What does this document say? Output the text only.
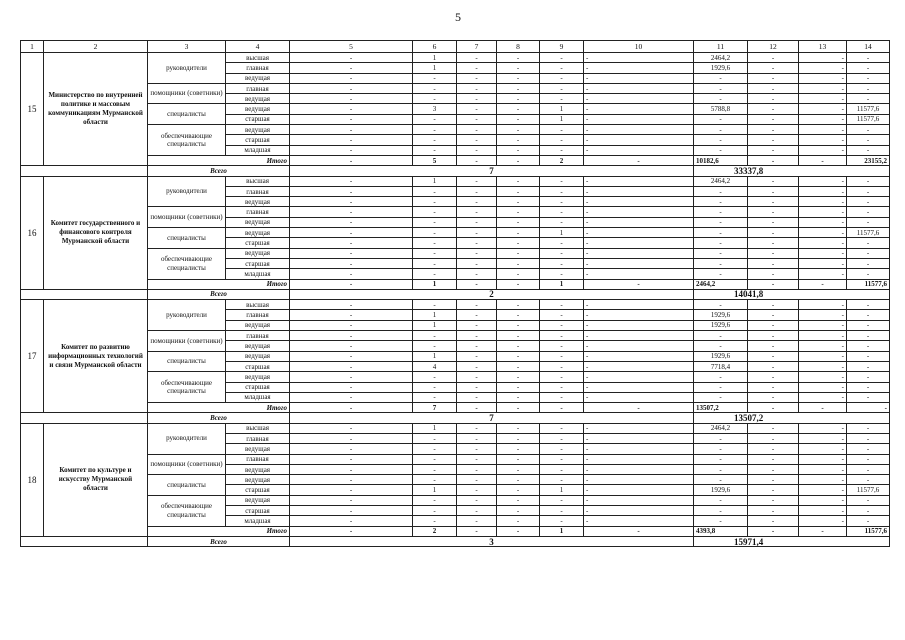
5
1	2	3	4	5	6	7	8	9	10	11	12	13	14
15	Министерство по внутренней политике и массовым коммуникациям Мурманской области	руководители	высшая	-	1	-	-	-	-	2464,2	-	-	-
			главная	-	1	-	-	-	-	1929,6	-	-	-
			ведущая	-	-	-	-	-	-	-	-	-	-
		помощники (советники)	главная	-	-	-	-	-	-	-	-	-	-
			ведущая	-	-	-	-	-	-	-	-	-	-
		специалисты	ведущая	-	3	-	-	1	-	5788,8	-	-	11577,6
			старшая	-	-	-	-	1	-	-	-	-	11577,6
		обеспечивающие специалисты	ведущая	-	-	-	-	-	-	-	-	-	-
			старшая	-	-	-	-	-	-	-	-	-	-
			младшая	-	-	-	-	-	-	-	-	-	-
		Итого		-	5	-	-	2	-	10182,6	-	-	23155,2
		Всего		7						33337,8			
16	Комитет государственного и финансового контроля Мурманской области	руководители	высшая	-	1	-	-	-	-	2464,2	-	-	-
			главная	-	-	-	-	-	-	-	-	-	-
			ведущая	-	-	-	-	-	-	-	-	-	-
		помощники (советники)	главная	-	-	-	-	-	-	-	-	-	-
			ведущая	-	-	-	-	-	-	-	-	-	-
		специалисты	ведущая	-	-	-	-	1	-	-	-	-	11577,6
			старшая	-	-	-	-	-	-	-	-	-	-
		обеспечивающие специалисты	ведущая	-	-	-	-	-	-	-	-	-	-
			старшая	-	-	-	-	-	-	-	-	-	-
			младшая	-	-	-	-	-	-	-	-	-	-
		Итого		-	1	-	-	1	-	2464,2	-	-	11577,6
		Всего		2						14041,8			
17	Комитет по развитию информационных технологий и связи Мурманской области	руководители	высшая	-	-	-	-	-	-	-	-	-	-
			главная	-	1	-	-	-	-	1929,6	-	-	-
			ведущая	-	1	-	-	-	-	1929,6	-	-	-
		помощники (советники)	главная	-	-	-	-	-	-	-	-	-	-
			ведущая	-	-	-	-	-	-	-	-	-	-
		специалисты	ведущая	-	1	-	-	-	-	1929,6	-	-	-
			старшая	-	4	-	-	-	-	7718,4	-	-	-
		обеспечивающие специалисты	ведущая	-	-	-	-	-	-	-	-	-	-
			старшая	-	-	-	-	-	-	-	-	-	-
			младшая	-	-	-	-	-	-	-	-	-	-
		Итого		-	7	-	-	-	-	13507,2	-	-	-
		Всего		7						13507,2			
18	Комитет по культуре и искусству Мурманской области	руководители	высшая	-	1	-	-	-	-	2464,2	-	-	-
			главная	-	-	-	-	-	-	-	-	-	-
			ведущая	-	-	-	-	-	-	-	-	-	-
		помощники (советники)	главная	-	-	-	-	-	-	-	-	-	-
			ведущая	-	-	-	-	-	-	-	-	-	-
		специалисты	ведущая	-	-	-	-	-	-	-	-	-	-
			старшая	-	1	-	-	1	-	1929,6	-	-	11577,6
		обеспечивающие специалисты	ведущая	-	-	-	-	-	-	-	-	-	-
			старшая	-	-	-	-	-	-	-	-	-	-
			младшая	-	-	-	-	-	-	-	-	-	-
		Итого		-	2	-	-	1	-	4393,8	-	-	11577,6
		Всего		3						15971,4			
